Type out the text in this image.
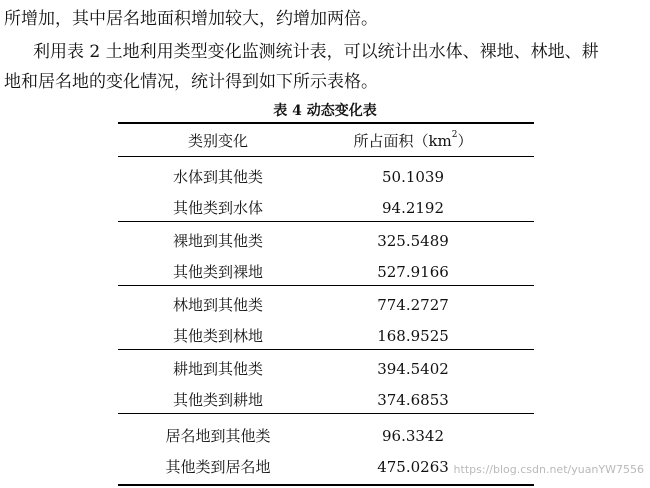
所增加，其中居名地面积增加较大，约增加两倍。
利用表 2 土地利用类型变化监测统计表，可以统计出水体、裸地、林地、耕
地和居名地的变化情况，统计得到如下所示表格。
表 4 动态变化表
类别变化	所占面积$(km^2)$
水体到其他类	50.1039
其他类到水体	94.2192
裸地到其他类	325.5489
其他类到裸地	527.9166
林地到其他类	774.2727
其他类到林地	168.9525
耕地到其他类	394.5402
其他类到耕地	374.6853
居名地到其他类	96.3342
其他类到居名地	475.0263 https://blog.csdn.net/yuanYW7556
